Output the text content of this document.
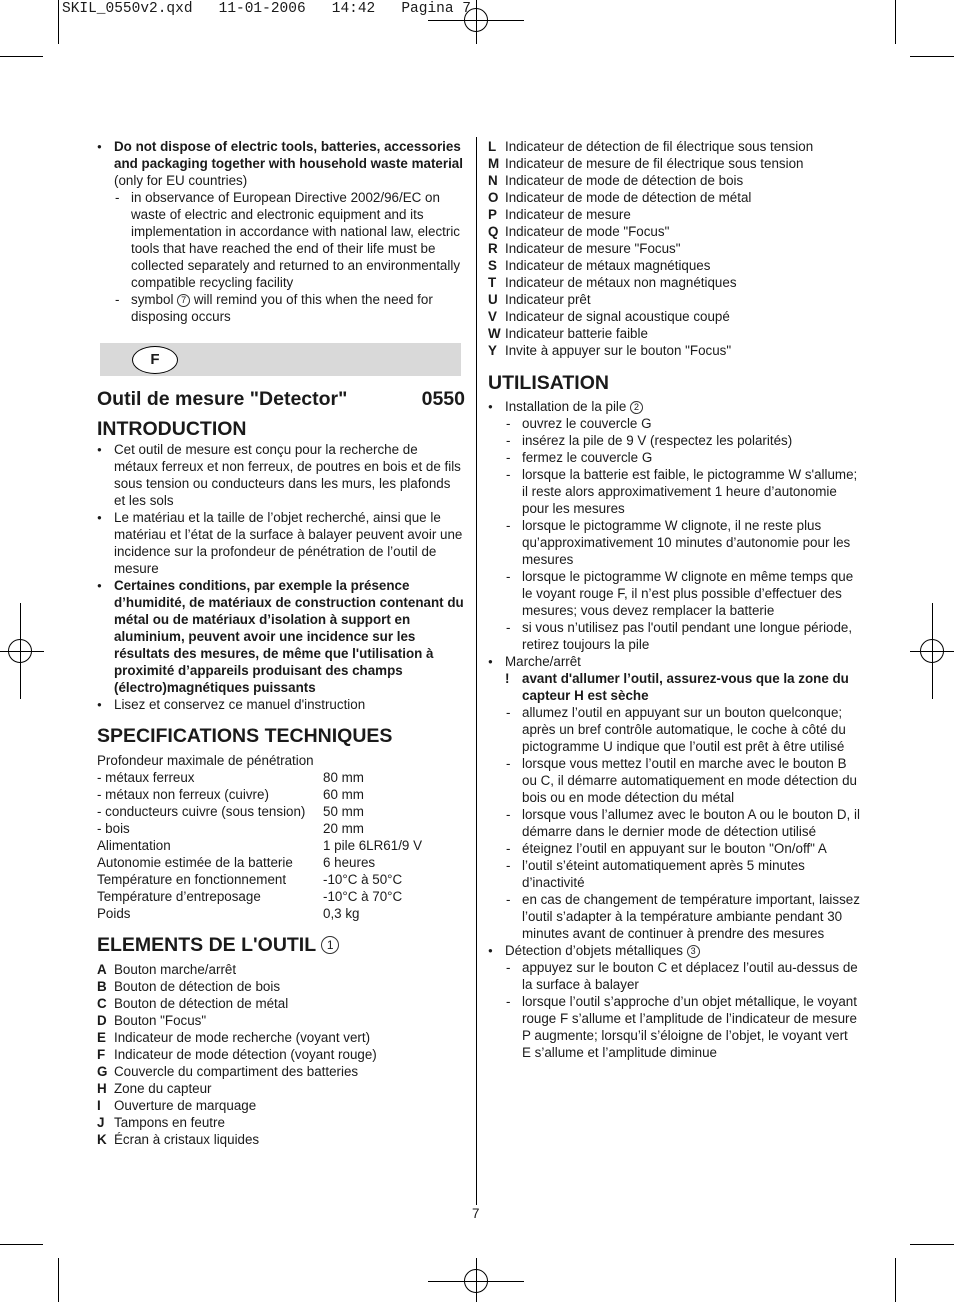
SKIL_0550v2.qxd   11-01-2006   14:42   Pagina 7
● Do not dispose of electric tools, batteries, accessories and packaging together with household waste material (only for EU countries)
- in observance of European Directive 2002/96/EC on waste of electric and electronic equipment and its implementation in accordance with national law, electric tools that have reached the end of their life must be collected separately and returned to an environmentally compatible recycling facility
- symbol 7 will remind you of this when the need for disposing occurs
F
Outil de mesure "Detector"	0550
INTRODUCTION
● Cet outil de mesure est conçu pour la recherche de métaux ferreux et non ferreux, de poutres en bois et de fils sous tension ou conducteurs dans les murs, les plafonds et les sols
● Le matériau et la taille de l’objet recherché, ainsi que le matériau et l’état de la surface à balayer peuvent avoir une incidence sur la profondeur de pénétration de l’outil de mesure
● Certaines conditions, par exemple la présence d’humidité, de matériaux de construction contenant du métal ou de matériaux d’isolation à support en aluminium, peuvent avoir une incidence sur les résultats des mesures, de même que l'utilisation à proximité d’appareils produisant des champs (électro)magnétiques puissants
● Lisez et conservez ce manuel d'instruction
SPECIFICATIONS TECHNIQUES
Profondeur maximale de pénétration
- métaux ferreux	80 mm
- métaux non ferreux (cuivre)	60 mm
- conducteurs cuivre (sous tension)	50 mm
- bois	20 mm
Alimentation	1 pile 6LR61/9 V
Autonomie estimée de la batterie	6 heures
Température en fonctionnement	-10°C à 50°C
Température d’entreposage	-10°C à 70°C
Poids	0,3 kg
ELEMENTS DE L'OUTIL 1
A Bouton marche/arrêt
B Bouton de détection de bois
C Bouton de détection de métal
D Bouton "Focus"
E Indicateur de mode recherche (voyant vert)
F Indicateur de mode détection (voyant rouge)
G Couvercle du compartiment des batteries
H Zone du capteur
I Ouverture de marquage
J Tampons en feutre
K Écran à cristaux liquides
L Indicateur de détection de fil électrique sous tension
M Indicateur de mesure de fil électrique sous tension
N Indicateur de mode de détection de bois
O Indicateur de mode de détection de métal
P Indicateur de mesure
Q Indicateur de mode "Focus"
R Indicateur de mesure "Focus"
S Indicateur de métaux magnétiques
T Indicateur de métaux non magnétiques
U Indicateur prêt
V Indicateur de signal acoustique coupé
W Indicateur batterie faible
Y Invite à appuyer sur le bouton "Focus"
UTILISATION
● Installation de la pile 2
- ouvrez le couvercle G
- insérez la pile de 9 V (respectez les polarités)
- fermez le couvercle G
- lorsque la batterie est faible, le pictogramme W s'allume; il reste alors approximativement 1 heure d’autonomie pour les mesures
- lorsque le pictogramme W clignote, il ne reste plus qu’approximativement 10 minutes d’autonomie pour les mesures
- lorsque le pictogramme W clignote en même temps que le voyant rouge F, il n’est plus possible d’effectuer des mesures; vous devez remplacer la batterie
- si vous n’utilisez pas l'outil pendant une longue période, retirez toujours la pile
● Marche/arrêt
! avant d'allumer l’outil, assurez-vous que la zone du capteur H est sèche
- allumez l’outil en appuyant sur un bouton quelconque; après un bref contrôle automatique, le coche à côté du pictogramme U indique que l’outil est prêt à être utilisé
- lorsque vous mettez l’outil en marche avec le bouton B ou C, il démarre automatiquement en mode détection du bois ou en mode détection du métal
- lorsque vous l’allumez avec le bouton A ou le bouton D, il démarre dans le dernier mode de détection utilisé
- éteignez l’outil en appuyant sur le bouton "On/off" A
- l’outil s’éteint automatiquement après 5 minutes d’inactivité
- en cas de changement de température important, laissez l’outil s’adapter à la température ambiante pendant 30 minutes avant de continuer à prendre des mesures
● Détection d’objets métalliques 3
- appuyez sur le bouton C et déplacez l’outil au-dessus de la surface à balayer
- lorsque l’outil s’approche d’un objet métallique, le voyant rouge F s’allume et l’amplitude de l’indicateur de mesure P augmente; lorsqu’il s’éloigne de l’objet, le voyant vert E s’allume et l’amplitude diminue
7
